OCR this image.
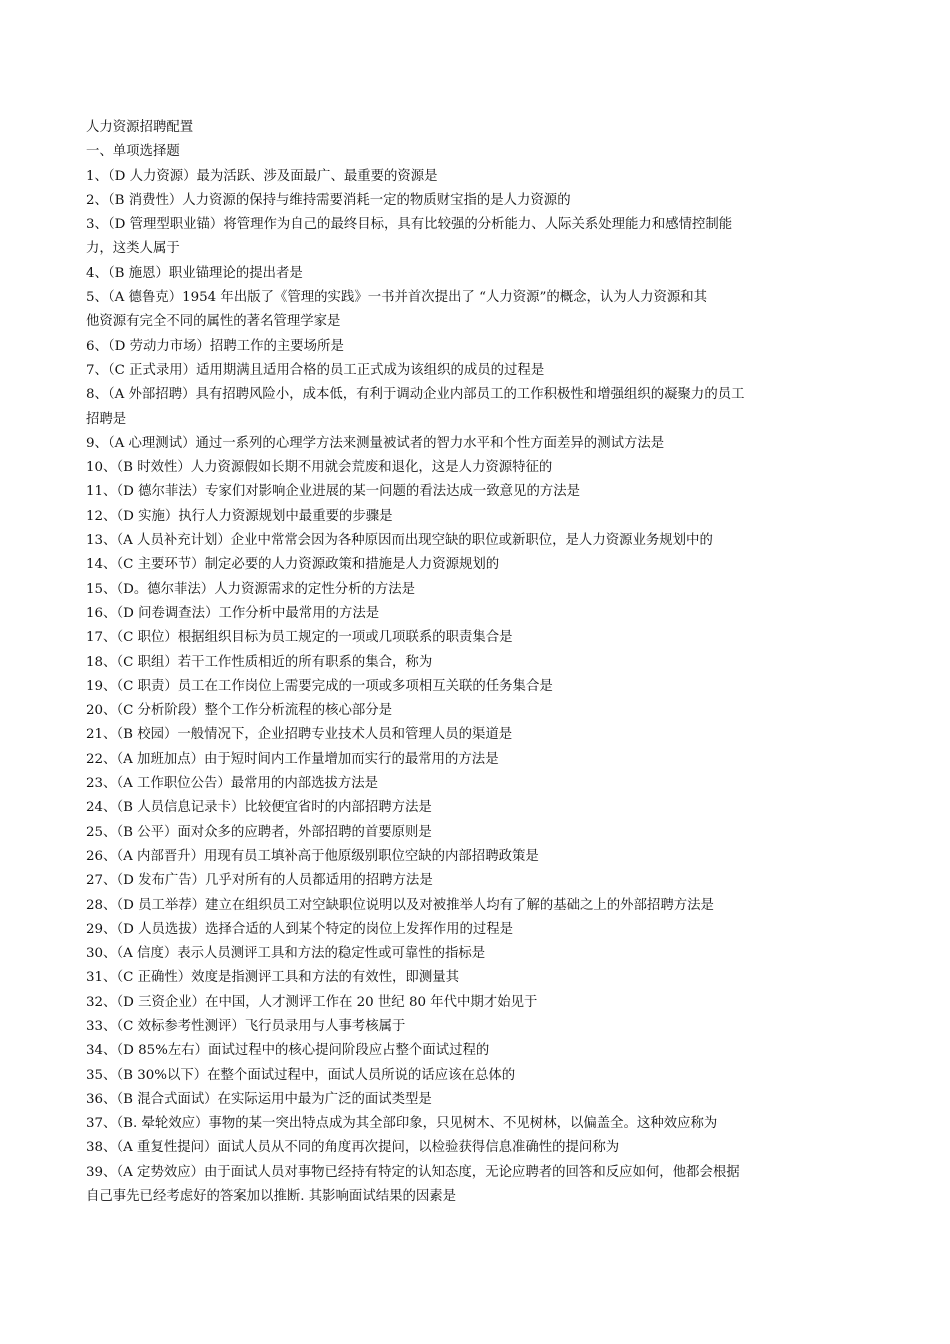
人力资源招聘配置
一、单项选择题
1、（D 人力资源）最为活跃、涉及面最广、最重要的资源是
2、（B 消费性）人力资源的保持与维持需要消耗一定的物质财宝指的是人力资源的
3、（D 管理型职业锚）将管理作为自己的最终目标，具有比较强的分析能力、人际关系处理能力和感情控制能
力，这类人属于
4、（B 施恩）职业锚理论的提出者是
5、（A 德鲁克）1954 年出版了《管理的实践》一书并首次提出了 “人力资源”的概念，认为人力资源和其
他资源有完全不同的属性的著名管理学家是
6、（D 劳动力市场）招聘工作的主要场所是
7、（C 正式录用）适用期满且适用合格的员工正式成为该组织的成员的过程是
8、（A 外部招聘）具有招聘风险小，成本低，有利于调动企业内部员工的工作积极性和增强组织的凝聚力的员工
招聘是
9、（A 心理测试）通过一系列的心理学方法来测量被试者的智力水平和个性方面差异的测试方法是
10、（B 时效性）人力资源假如长期不用就会荒废和退化，这是人力资源特征的
11、（D 德尔菲法）专家们对影响企业进展的某一问题的看法达成一致意见的方法是
12、（D 实施）执行人力资源规划中最重要的步骤是
13、（A 人员补充计划）企业中常常会因为各种原因而出现空缺的职位或新职位，是人力资源业务规划中的
14、（C 主要环节）制定必要的人力资源政策和措施是人力资源规划的
15、（D。德尔菲法）人力资源需求的定性分析的方法是
16、（D 问卷调查法）工作分析中最常用的方法是
17、（C 职位）根据组织目标为员工规定的一项或几项联系的职责集合是
18、（C 职组）若干工作性质相近的所有职系的集合，称为
19、（C 职责）员工在工作岗位上需要完成的一项或多项相互关联的任务集合是
20、（C 分析阶段）整个工作分析流程的核心部分是
21、（B 校园）一般情况下，企业招聘专业技术人员和管理人员的渠道是
22、（A 加班加点）由于短时间内工作量增加而实行的最常用的方法是
23、（A 工作职位公告）最常用的内部选拔方法是
24、（B 人员信息记录卡）比较便宜省时的内部招聘方法是
25、（B 公平）面对众多的应聘者，外部招聘的首要原则是
26、（A 内部晋升）用现有员工填补高于他原级别职位空缺的内部招聘政策是
27、（D 发布广告）几乎对所有的人员都适用的招聘方法是
28、（D 员工举荐）建立在组织员工对空缺职位说明以及对被推举人均有了解的基础之上的外部招聘方法是
29、（D 人员选拔）选择合适的人到某个特定的岗位上发挥作用的过程是
30、（A 信度）表示人员测评工具和方法的稳定性或可靠性的指标是
31、（C 正确性）效度是指测评工具和方法的有效性，即测量其
32、（D 三资企业）在中国，人才测评工作在 20 世纪 80 年代中期才始见于
33、（C 效标参考性测评）飞行员录用与人事考核属于
34、（D 85%左右）面试过程中的核心提问阶段应占整个面试过程的
35、（B 30%以下）在整个面试过程中，面试人员所说的话应该在总体的
36、（B 混合式面试）在实际运用中最为广泛的面试类型是
37、（B. 晕轮效应）事物的某一突出特点成为其全部印象，只见树木、不见树林，以偏盖全。这种效应称为
38、（A 重复性提问）面试人员从不同的角度再次提问，以检验获得信息准确性的提问称为
39、（A 定势效应）由于面试人员对事物已经持有特定的认知态度，无论应聘者的回答和反应如何，他都会根据
自己事先已经考虑好的答案加以推断. 其影响面试结果的因素是
